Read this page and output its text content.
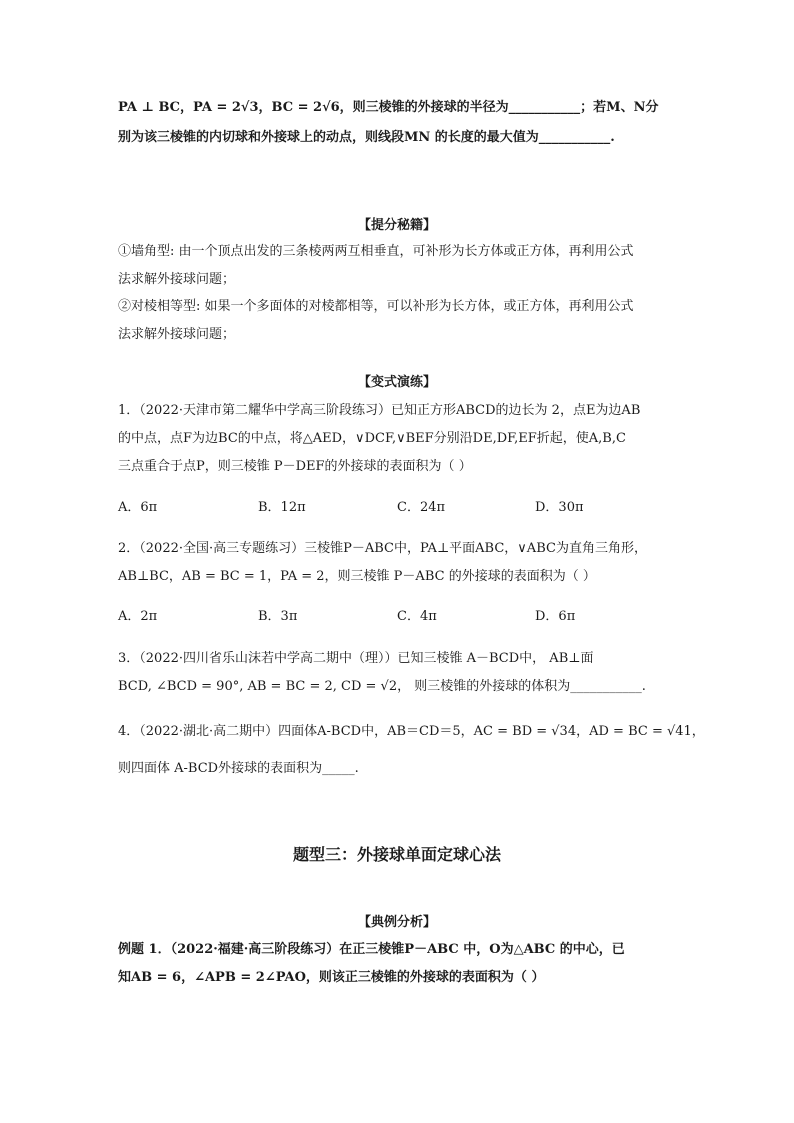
PA ⊥ BC，PA = 2√3，BC = 2√6，则三棱锥的外接球的半径为___________；若M、N分
别为该三棱锥的内切球和外接球上的动点，则线段MN 的长度的最大值为___________.
【提分秘籍】
①墙角型: 由一个顶点出发的三条棱两两互相垂直，可补形为长方体或正方体，再利用公式
法求解外接球问题；
②对棱相等型: 如果一个多面体的对棱都相等，可以补形为长方体，或正方体，再利用公式
法求解外接球问题；
【变式演练】
1．（2022·天津市第二耀华中学高三阶段练习）已知正方形ABCD的边长为 2，点E为边AB
的中点，点F为边BC的中点，将△AED，∨DCF,∨BEF分别沿DE,DF,EF折起，使A,B,C
三点重合于点P，则三棱锥 P－DEF的外接球的表面积为（ ）
A．6π	B．12π	C．24π	D．30π
2．（2022·全国·高三专题练习）三棱锥P－ABC中，PA⊥平面ABC，∨ABC为直角三角形，
AB⊥BC，AB = BC = 1，PA = 2，则三棱锥 P－ABC 的外接球的表面积为（ ）
A．2π	B．3π	C．4π	D．6π
3．（2022·四川省乐山沫若中学高二期中（理））已知三棱锥 A－BCD中， AB⊥面
BCD, ∠BCD = 90°, AB = BC = 2, CD = √2， 则三棱锥的外接球的体积为___________.
4．（2022·湖北·高二期中）四面体A-BCD中，AB＝CD＝5，AC = BD = √34，AD = BC = √41，
则四面体 A-BCD外接球的表面积为_____.
题型三：外接球单面定球心法
【典例分析】
例题 1．（2022·福建·高三阶段练习）在正三棱锥P－ABC 中，O为△ABC 的中心，已
知AB = 6，∠APB = 2∠PAO，则该正三棱锥的外接球的表面积为（ ）
